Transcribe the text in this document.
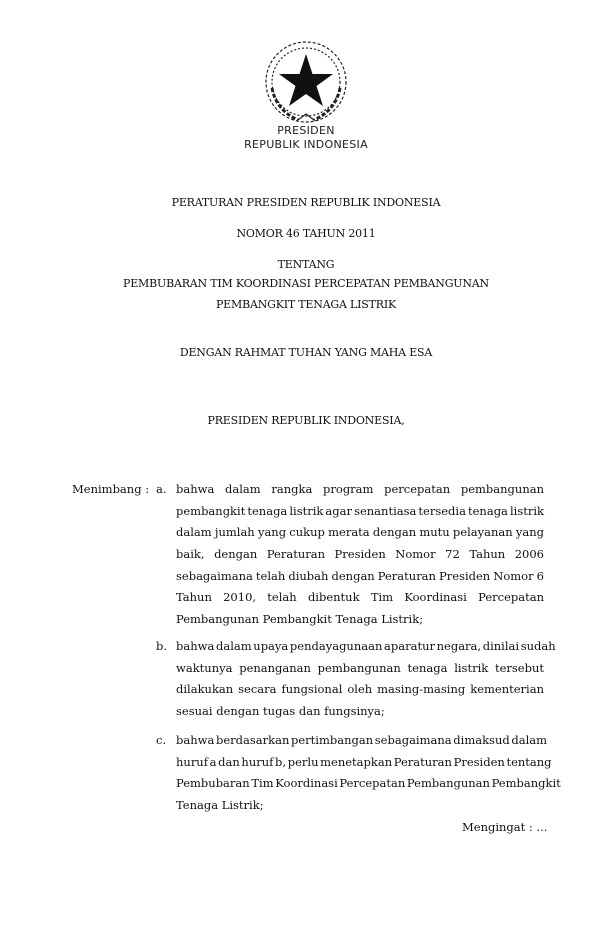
PRESIDEN
REPUBLIK INDONESIA
PERATURAN PRESIDEN REPUBLIK INDONESIA
NOMOR 46 TAHUN 2011
TENTANG
PEMBUBARAN TIM KOORDINASI PERCEPATAN PEMBANGUNAN
PEMBANGKIT TENAGA LISTRIK
DENGAN RAHMAT TUHAN YANG MAHA ESA
PRESIDEN REPUBLIK INDONESIA,
Menimbang : a. bahwa dalam rangka program percepatan pembangunan
pembangkit tenaga listrik agar senantiasa tersedia tenaga listrik
dalam jumlah yang cukup merata dengan mutu pelayanan yang
baik, dengan Peraturan Presiden Nomor 72 Tahun 2006
sebagaimana telah diubah dengan Peraturan Presiden Nomor 6
Tahun 2010, telah dibentuk Tim Koordinasi Percepatan
Pembangunan Pembangkit Tenaga Listrik;
b. bahwa dalam upaya pendayagunaan aparatur negara, dinilai sudah
waktunya penanganan pembangunan tenaga listrik tersebut
dilakukan secara fungsional oleh masing-masing kementerian
sesuai dengan tugas dan fungsinya;
c. bahwa berdasarkan pertimbangan sebagaimana dimaksud dalam
huruf a dan huruf b, perlu menetapkan Peraturan Presiden tentang
Pembubaran Tim Koordinasi Percepatan Pembangunan Pembangkit
Tenaga Listrik;
Mengingat : ...
